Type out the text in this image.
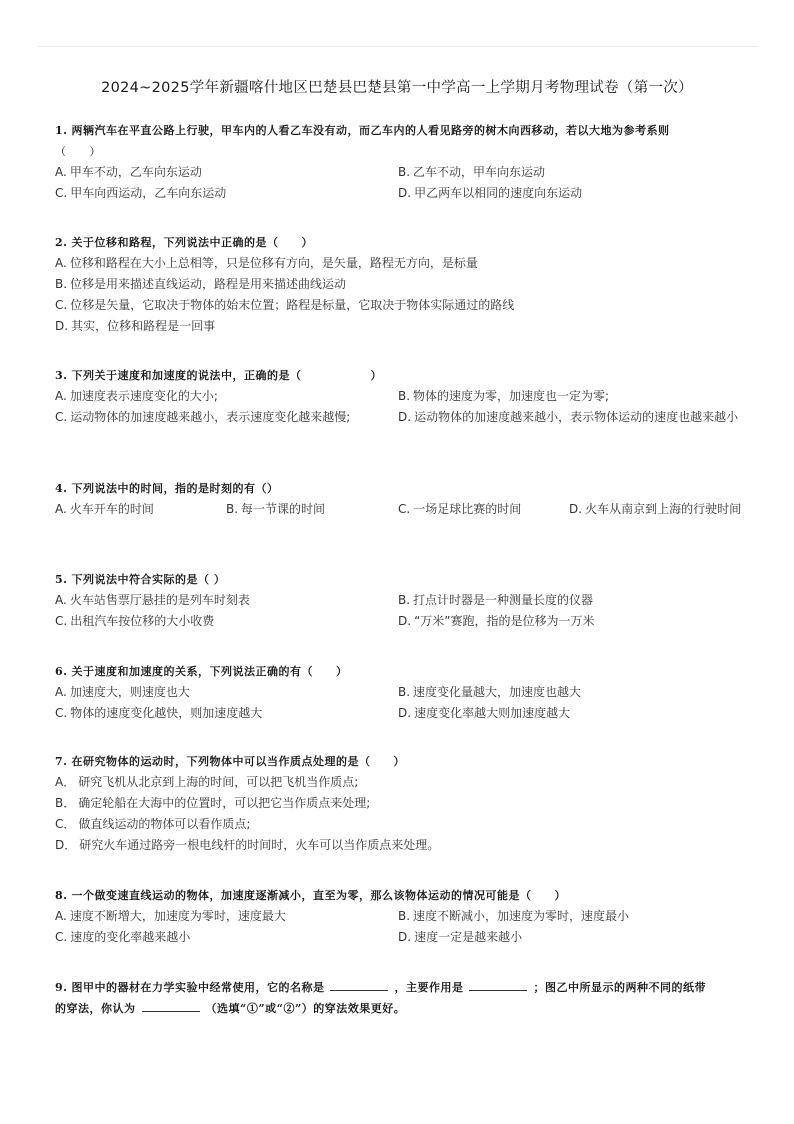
2024~2025学年新疆喀什地区巴楚县巴楚县第一中学高一上学期月考物理试卷（第一次）
1. 两辆汽车在平直公路上行驶，甲车内的人看乙车没有动，而乙车内的人看见路旁的树木向西移动，若以大地为参考系则
（　　）
A. 甲车不动，乙车向东运动	B. 乙车不动，甲车向东运动
C. 甲车向西运动，乙车向东运动	D. 甲乙两车以相同的速度向东运动
2. 关于位移和路程，下列说法中正确的是（　　）
A. 位移和路程在大小上总相等，只是位移有方向，是矢量，路程无方向，是标量
B. 位移是用来描述直线运动，路程是用来描述曲线运动
C. 位移是矢量，它取决于物体的始末位置；路程是标量，它取决于物体实际通过的路线
D. 其实，位移和路程是一回事
3. 下列关于速度和加速度的说法中，正确的是（　　　　　　）
A. 加速度表示速度变化的大小;	B. 物体的速度为零，加速度也一定为零;
C. 运动物体的加速度越来越小，表示速度变化越来越慢;	D. 运动物体的加速度越来越小，表示物体运动的速度也越来越小
4. 下列说法中的时间，指的是时刻的有（）
A. 火车开车的时间	B. 每一节课的时间	C. 一场足球比赛的时间	D. 火车从南京到上海的行驶时间
5. 下列说法中符合实际的是（ ）
A. 火车站售票厅悬挂的是列车时刻表	B. 打点计时器是一种测量长度的仪器
C. 出租汽车按位移的大小收费	D. “万米”赛跑，指的是位移为一万米
6. 关于速度和加速度的关系，下列说法正确的有（　　）
A. 加速度大，则速度也大	B. 速度变化量越大，加速度也越大
C. 物体的速度变化越快，则加速度越大	D. 速度变化率越大则加速度越大
7. 在研究物体的运动时，下列物体中可以当作质点处理的是（　　）
A． 研究飞机从北京到上海的时间，可以把飞机当作质点;
B． 确定轮船在大海中的位置时，可以把它当作质点来处理;
C． 做直线运动的物体可以看作质点;
D． 研究火车通过路旁一根电线杆的时间时，火车可以当作质点来处理。
8. 一个做变速直线运动的物体，加速度逐渐减小，直至为零，那么该物体运动的情况可能是（　　）
A. 速度不断增大，加速度为零时，速度最大	B. 速度不断减小，加速度为零时，速度最小
C. 速度的变化率越来越小	D. 速度一定是越来越小
9. 图甲中的器材在力学实验中经常使用，它的名称是	，主要作用是	；图乙中所显示的两种不同的纸带
的穿法，你认为	（选填“①”或“②”）的穿法效果更好。
